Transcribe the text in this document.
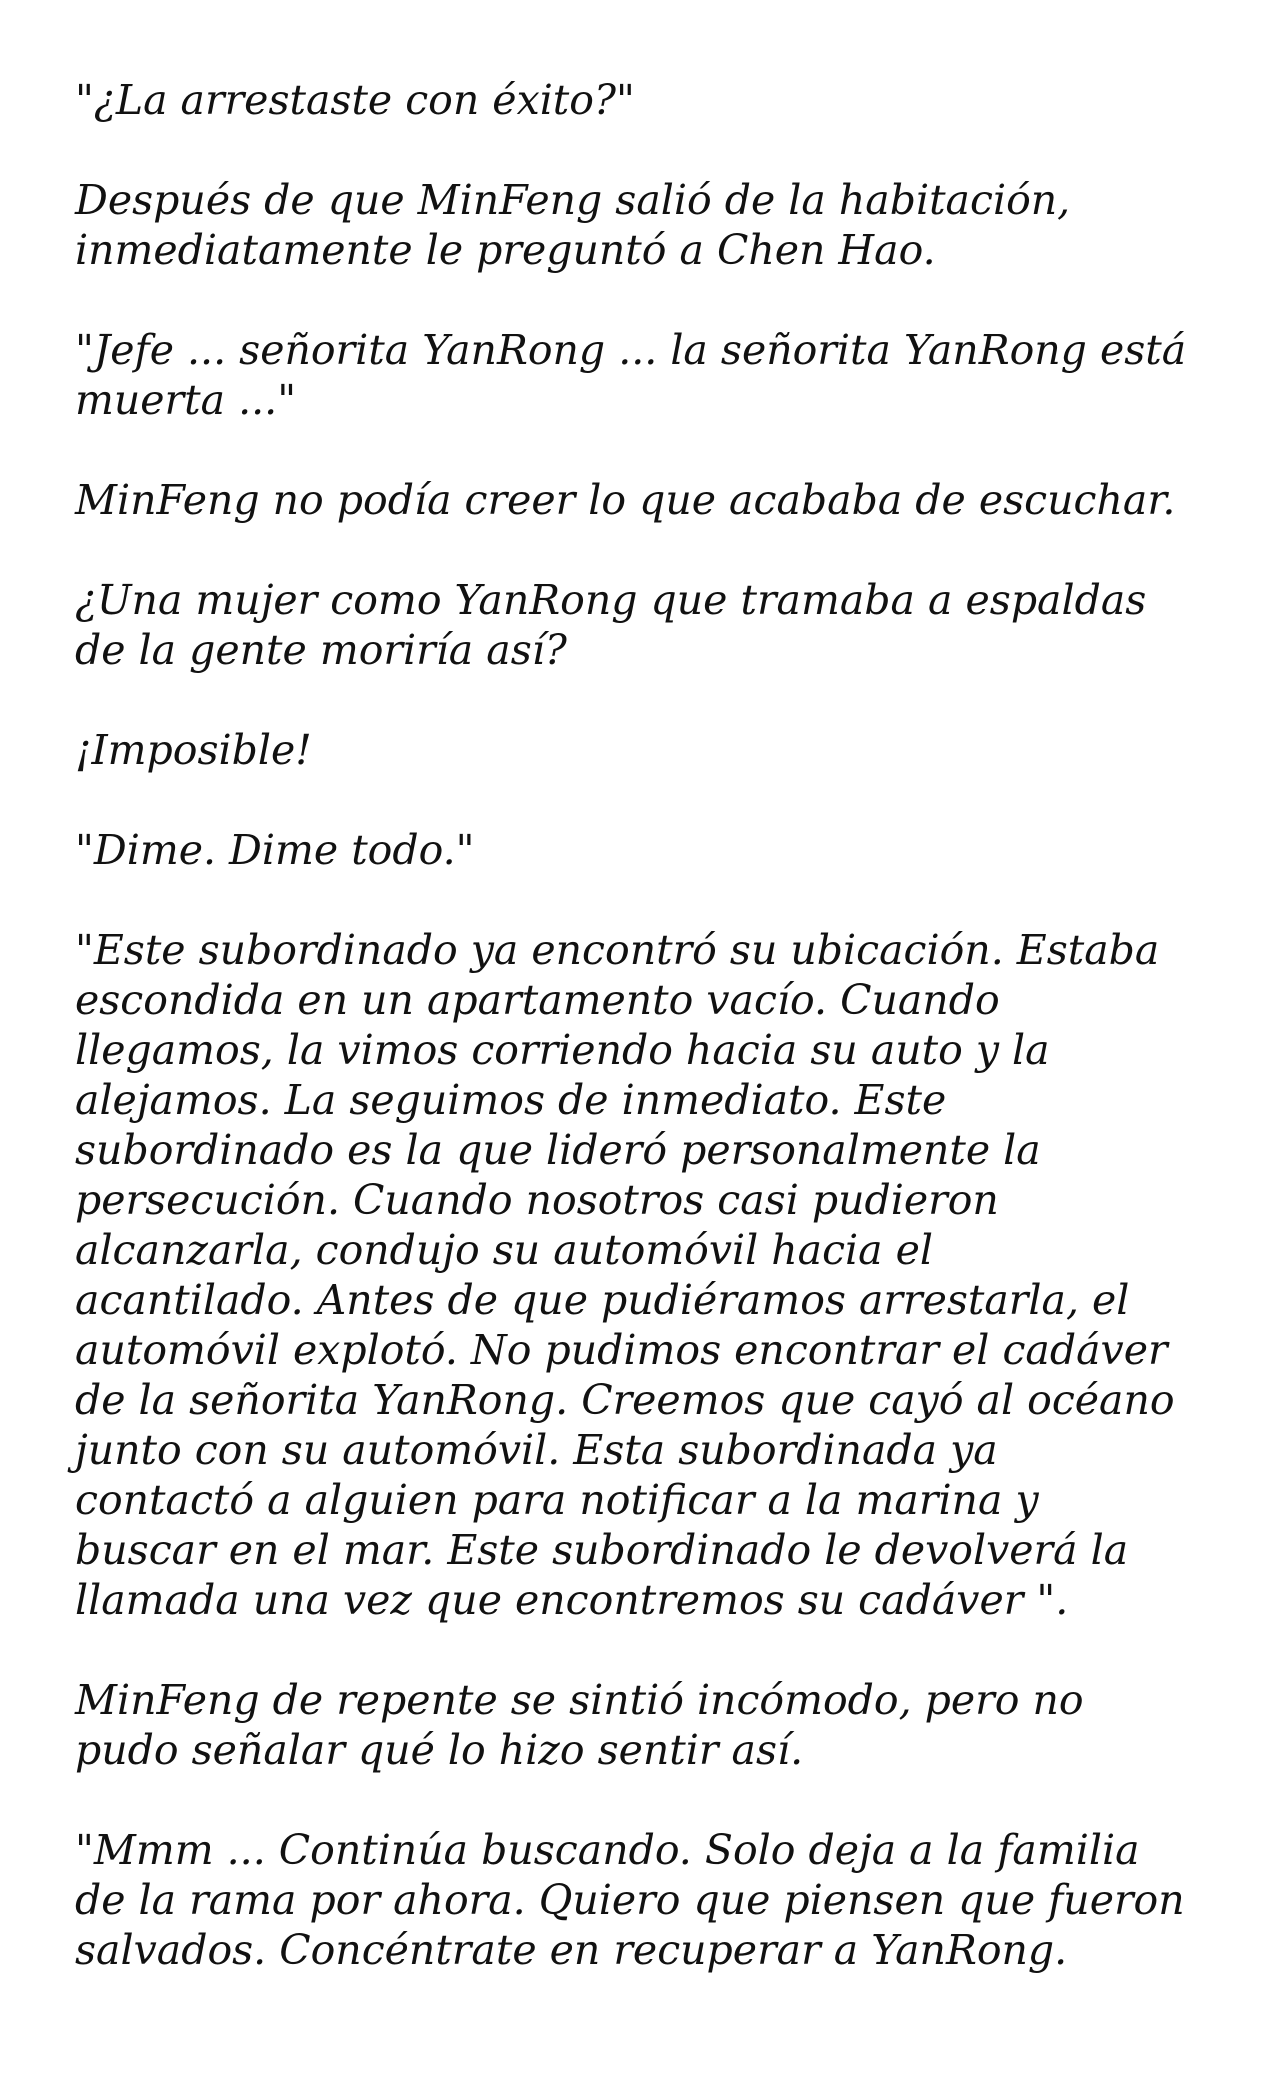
"¿La arrestaste con éxito?"

Después de que MinFeng salió de la habitación,
inmediatamente le preguntó a Chen Hao.

"Jefe ... señorita YanRong ... la señorita YanRong está
muerta ..."

MinFeng no podía creer lo que acababa de escuchar.

¿Una mujer como YanRong que tramaba a espaldas
de la gente moriría así?

¡Imposible!

"Dime. Dime todo."

"Este subordinado ya encontró su ubicación. Estaba
escondida en un apartamento vacío. Cuando
llegamos, la vimos corriendo hacia su auto y la
alejamos. La seguimos de inmediato. Este
subordinado es la que lideró personalmente la
persecución. Cuando nosotros casi pudieron
alcanzarla, condujo su automóvil hacia el
acantilado. Antes de que pudiéramos arrestarla, el
automóvil explotó. No pudimos encontrar el cadáver
de la señorita YanRong. Creemos que cayó al océano
junto con su automóvil. Esta subordinada ya
contactó a alguien para notificar a la marina y
buscar en el mar. Este subordinado le devolverá la
llamada una vez que encontremos su cadáver ".

MinFeng de repente se sintió incómodo, pero no
pudo señalar qué lo hizo sentir así.

"Mmm ... Continúa buscando. Solo deja a la familia
de la rama por ahora. Quiero que piensen que fueron
salvados. Concéntrate en recuperar a YanRong.
